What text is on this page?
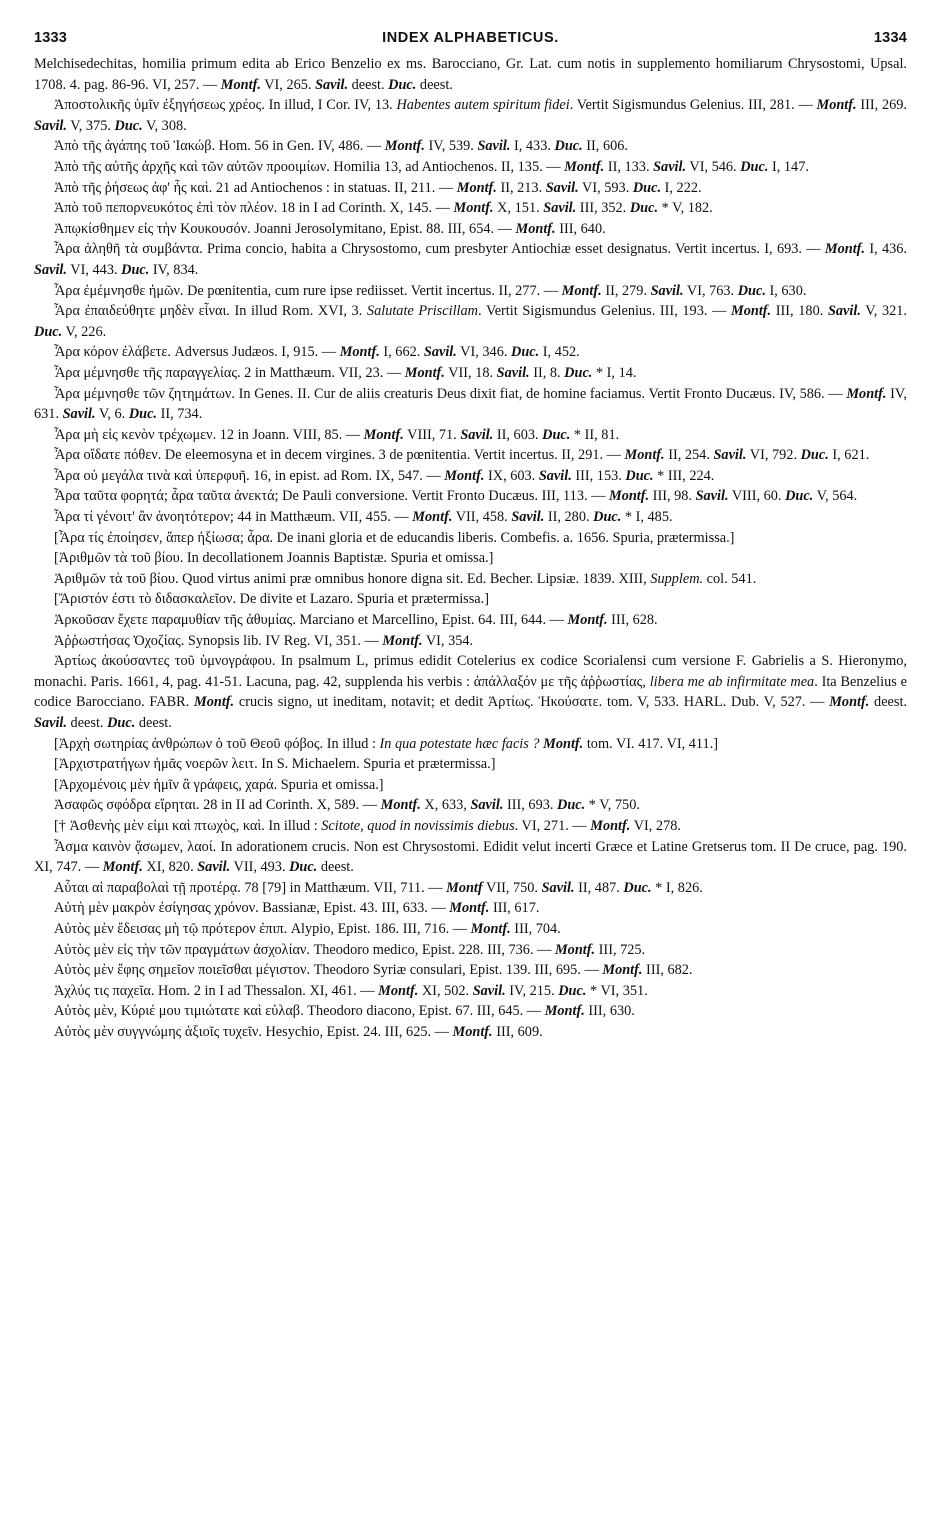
1333	INDEX ALPHABETICUS.	1334

Melchisedechitas, homilia primum edita ab Erico Benzelio ex ms. Barocciano, Gr. Lat. cum notis in supplemento homiliarum Chrysostomi, Upsal. 1708. 4. pag. 86-96. VI, 257. — Montf. VI, 265. Savil. deest. Duc. deest.

Ἀποστολικῆς ὑμῖν ἐξηγήσεως χρέος. In illud, I Cor. IV, 13. Habentes autem spiritum fidei. Vertit Sigismundus Gelenius. III, 281. — Montf. III, 269. Savil. V, 375. Duc. V, 308.

Ἀπὸ τῆς ἀγάπης τοῦ Ἰακώβ. Hom. 56 in Gen. IV, 486. — Montf. IV, 539. Savil. I, 433. Duc. II, 606.

Ἀπὸ τῆς αὐτῆς ἀρχῆς καὶ τῶν αὐτῶν προοιμίων. Homilia 13, ad Antiochenos. II, 135. — Montf. II, 133. Savil. VI, 546. Duc. I, 147.

Ἀπὸ τῆς ῥήσεως ἀφ' ἧς καὶ. 21 ad Antiochenos : in statuas. II, 211. — Montf. II, 213. Savil. VI, 593. Duc. I, 222.

Ἀπὸ τοῦ πεπορνευκότος ἐπὶ τὸν πλέον. 18 in I ad Corinth. X, 145. — Montf. X, 151. Savil. III, 352. Duc. * V, 182.

Ἀπῳκίσθημεν εἰς τὴν Κουκουσόν. Joanni Jerosolymitano, Epist. 88. III, 654. — Montf. III, 640.

Ἆρα ἀληθῆ τὰ συμβάντα. Prima concio, habita a Chrysostomo, cum presbyter Antiochiæ esset designatus. Vertit incertus. I, 693. — Montf. I, 436. Savil. VI, 443. Duc. IV, 834.

Ἆρα ἐμέμνησθε ἡμῶν. De pœnitentia, cum rure ipse rediisset. Vertit incertus. II, 277. — Montf. II, 279. Savil. VI, 763. Duc. I, 630.

Ἆρα ἐπαιδεύθητε μηδὲν εἶναι. In illud Rom. XVI, 3. Salutate Priscillam. Vertit Sigismundus Gelenius. III, 193. — Montf. III, 180. Savil. V, 321. Duc. V, 226.

Ἆρα κόρον ἐλάβετε. Adversus Judæos. I, 915. — Montf. I, 662. Savil. VI, 346. Duc. I, 452.

Ἆρα μέμνησθε τῆς παραγγελίας. 2 in Matthæum. VII, 23. — Montf. VII, 18. Savil. II, 8. Duc. * I, 14.

Ἆρα μέμνησθε τῶν ζητημάτων. In Genes. II. Cur de aliis creaturis Deus dixit fiat, de homine faciamus. Vertit Fronto Ducæus. IV, 586. — Montf. IV, 631. Savil. V, 6. Duc. II, 734.

Ἆρα μὴ εἰς κενὸν τρέχωμεν. 12 in Joann. VIII, 85. — Montf. VIII, 71. Savil. II, 603. Duc. * II, 81.

Ἆρα οἴδατε πόθεν. De eleemosyna et in decem virgines. 3 de pœnitentia. Vertit incertus. II, 291. — Montf. II, 254. Savil. VI, 792. Duc. I, 621.

Ἆρα οὐ μεγάλα τινὰ καὶ ὑπερφυῆ. 16, in epist. ad Rom. IX, 547. — Montf. IX, 603. Savil. III, 153. Duc. * III, 224.

Ἆρα ταῦτα φορητά; ἆρα ταῦτα ἀνεκτά; De Pauli conversione. Vertit Fronto Ducæus. III, 113. — Montf. III, 98. Savil. VIII, 60. Duc. V, 564.

Ἆρα τί γένοιτ' ἂν ἀνοητότερον; 44 in Matthæum. VII, 455. — Montf. VII, 458. Savil. II, 280. Duc. * I, 485.

[Ἆρα τίς ἐποίησεν, ἅπερ ἠξίωσα; ἆρα. De inani gloria et de educandis liberis. Combefis. a. 1656. Spuria, prætermissa.]

[Ἀριθμῶν τὰ τοῦ βίου. In decollationem Joannis Baptistæ. Spuria et omissa.]

Ἀριθμῶν τὰ τοῦ βίου. Quod virtus animi præ omnibus honore digna sit. Ed. Becher. Lipsiæ. 1839. XIII, Supplem. col. 541.

[Ἄριστόν ἐστι τὸ διδασκαλεῖον. De divite et Lazaro. Spuria et prætermissa.]

Ἀρκοῦσαν ἔχετε παραμυθίαν τῆς ἀθυμίας. Marciano et Marcellino, Epist. 64. III, 644. — Montf. III, 628.

Ἀῤῥωστήσας Ὀχοζίας. Synopsis lib. IV Reg. VI, 351. — Montf. VI, 354.

Ἀρτίως ἀκούσαντες τοῦ ὑμνογράφου. In psalmum L, primus edidit Cotelerius ex codice Scorialensi cum versione F. Gabrielis a S. Hieronymo, monachi. Paris. 1661, 4, pag. 41-51. Lacuna, pag. 42, supplenda his verbis : ἀπάλλαξόν με τῆς ἀῤῥωστίας, libera me ab infirmitate mea. Ita Benzelius e codice Barocciano. FABR. Montf. crucis signo, ut ineditam, notavit; et dedit Ἀρτίως. Ἠκούσατε. tom. V, 533. HARL. Dub. V, 527. — Montf. deest. Savil. deest. Duc. deest.

[Ἀρχὴ σωτηρίας ἀνθρώπων ὁ τοῦ Θεοῦ φόβος. In illud : In qua potestate hæc facis ? Montf. tom. VI. 417. VI, 411.]

[Ἀρχιστρατήγων ἡμᾶς νοερῶν λειτ. In S. Michaelem. Spuria et prætermissa.]

[Ἀρχομένοις μὲν ἡμῖν ἃ γράφεις, χαρά. Spuria et omissa.]

Ἀσαφῶς σφόδρα εἴρηται. 28 in II ad Corinth. X, 589. — Montf. X, 633, Savil. III, 693. Duc. * V, 750.

[† Ἀσθενὴς μὲν εἰμι καὶ πτωχὸς, καὶ. In illud : Scitote, quod in novissimis diebus. VI, 271. — Montf. VI, 278.

Ἆσμα καινὸν ᾄσωμεν, λαοί. In adorationem crucis. Non est Chrysostomi. Edidit velut incerti Græce et Latine Gretserus tom. II De cruce, pag. 190. XI, 747. — Montf. XI, 820. Savil. VII, 493. Duc. deest.

Αὗται αἱ παραβολαὶ τῇ προτέρᾳ. 78 [79] in Matthæum. VII, 711. — Montf VII, 750. Savil. II, 487. Duc. * I, 826.

Αὐτὴ μὲν μακρὸν ἐσίγησας χρόνον. Bassianæ, Epist. 43. III, 633. — Montf. III, 617.

Αὐτὸς μὲν ἔδεισας μὴ τῷ πρότερον ἐπιπ. Alypio, Epist. 186. III, 716. — Montf. III, 704.

Αὐτὸς μὲν εἰς τὴν τῶν πραγμάτων ἀσχολίαν. Theodoro medico, Epist. 228. III, 736. — Montf. III, 725.

Αὐτὸς μὲν ἔφης σημεῖον ποιεῖσθαι μέγιστον. Theodoro Syriæ consulari, Epist. 139. III, 695. — Montf. III, 682.

Ἀχλύς τις παχεῖα. Hom. 2 in I ad Thessalon. XI, 461. — Montf. XI, 502. Savil. IV, 215. Duc. * VI, 351.

Αὐτὸς μὲν, Κύριέ μου τιμιώτατε καὶ εὐλαβ. Theodoro diacono, Epist. 67. III, 645. — Montf. III, 630.

Αὐτὸς μὲν συγγνώμης ἀξιοῖς τυχεῖν. Hesychio, Epist. 24. III, 625. — Montf. III, 609.
